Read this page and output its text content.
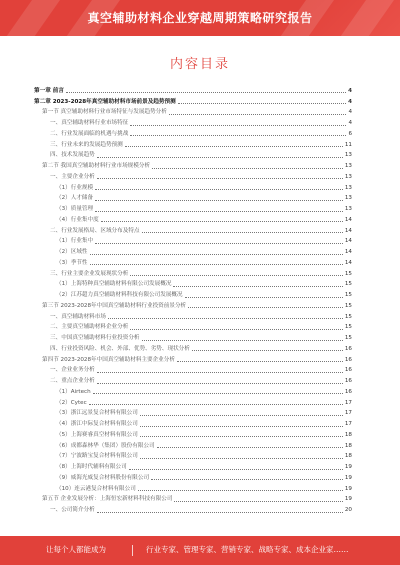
真空辅助材料企业穿越周期策略研究报告
内容目录
第一章 前言	4
第二章 2023-2028年真空辅助材料市场前景及趋势预测	4
第一节 真空辅助材料行业市场特征与发展趋势分析	4
一、真空辅助材料行业市场特征	4
二、行业发展面临的机遇与挑战	6
三、行业未来的发展趋势预测	11
四、技术发展趋势	13
第二节 我国真空辅助材料行业市场规模分析	13
一、主要企业分析	13
（1）行业规模	13
（2）人才储备	13
（3）质量管理	13
（4）行业集中度	14
二、行业发展格局、区域分布及特点	14
（1）行业集中	14
（2）区域性	14
（3）季节性	14
三、行业主要企业发展现状分析	15
（1）上海特种真空辅助材料有限公司发展概况	15
（2）江苏超力真空辅助材料科技有限公司发展概况	15
第三节 2023-2028年中国真空辅助材料行业投资前景分析	15
一、真空辅助材料市场	15
二、主要真空辅助材料企业分析	15
三、中国真空辅助材料行业投资分析	15
四、行业投资风险、机会、外部、优势、劣势、现状分析	16
第四节 2023-2028年中国真空辅助材料主要企业分析	16
一、企业业务分析	16
二、重点企业分析	16
（1）Airtech	16
（2）Cytec	17
（3）浙江远景复合材料有限公司	17
（4）浙江中际复合材料有限公司	17
（5）上海赛睿真空材料有限公司	18
（6）成都森林华（集团）股份有限公司	18
（7）宁波路宝复合材料有限公司	18
（8）上海时代辅料有限公司	19
（9）威海光威复合材料股份有限公司	19
（10）连云港复合材料有限公司	19
第五节 企业发展分析：上海恒宏新材料科技有限公司	19
一、公司简介分析	20
让每个人都能成为	行业专家、管理专家、营销专家、战略专家、成本企业家……
